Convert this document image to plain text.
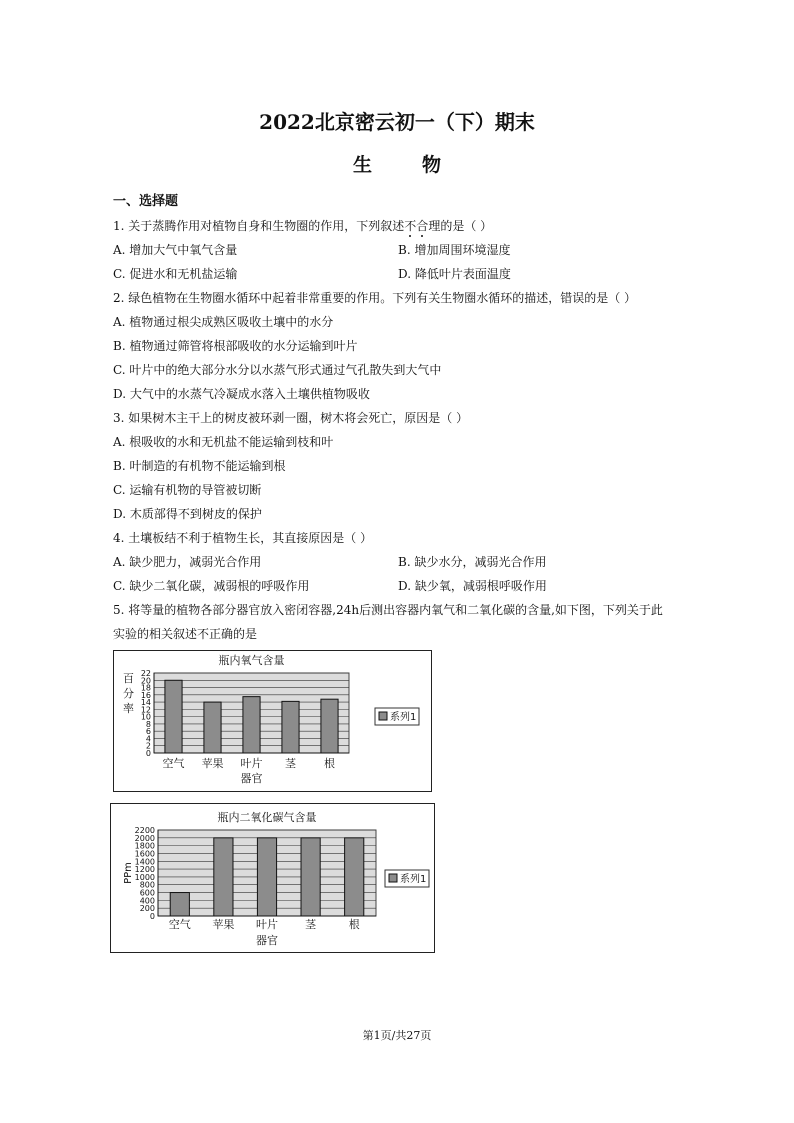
2022北京密云初一（下）期末
生物
一、选择题
1. 关于蒸腾作用对植物自身和生物圈的作用，下列叙述不合理的是（ ）
A. 增加大气中氧气含量	B. 增加周围环境湿度
C. 促进水和无机盐运输	D. 降低叶片表面温度
2. 绿色植物在生物圈水循环中起着非常重要的作用。下列有关生物圈水循环的描述，错误的是（ ）
A. 植物通过根尖成熟区吸收土壤中的水分
B. 植物通过筛管将根部吸收的水分运输到叶片
C. 叶片中的绝大部分水分以水蒸气形式通过气孔散失到大气中
D. 大气中的水蒸气冷凝成水落入土壤供植物吸收
3. 如果树木主干上的树皮被环剥一圈，树木将会死亡，原因是（ ）
A. 根吸收的水和无机盐不能运输到枝和叶
B. 叶制造的有机物不能运输到根
C. 运输有机物的导管被切断
D. 木质部得不到树皮的保护
4. 土壤板结不利于植物生长，其直接原因是（ ）
A. 缺少肥力，减弱光合作用	B. 缺少水分，减弱光合作用
C. 缺少二氧化碳，减弱根的呼吸作用	D. 缺少氧，减弱根呼吸作用
5. 将等量的植物各部分器官放入密闭容器,24h后测出容器内氧气和二氧化碳的含量,如下图，下列关于此
实验的相关叙述不正确的是
0
2
4
6
8
10
12
14
16
18
20
22
瓶内氧气含量
空气 苹果 叶片 茎	根
器官
百分率	系列1
0
200
400
600
800
1000
1200
1400
1600
1800
2000
2200
瓶内二氧化碳气含量
空气 苹果 叶片 茎	根
器官
PPm	系列1
第1页/共27页
